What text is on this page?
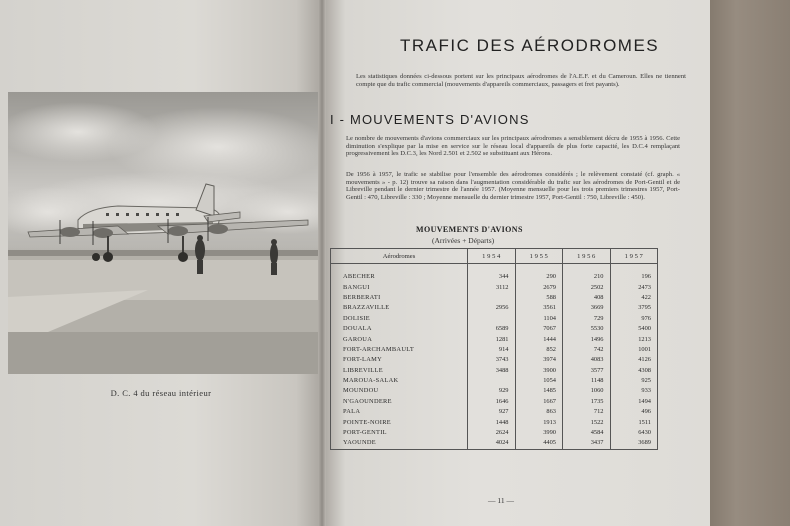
D. C. 4 du réseau intérieur
TRAFIC DES AÉRODROMES
Les statistiques données ci-dessous portent sur les principaux aérodromes de l'A.E.F. et du Cameroun. Elles ne tiennent compte que du trafic commercial (mouvements d'appareils commerciaux, passagers et fret payants).
I - MOUVEMENTS D'AVIONS
Le nombre de mouvements d'avions commerciaux sur les principaux aérodromes a sensiblement décru de 1955 à 1956. Cette diminution s'explique par la mise en service sur le réseau local d'appareils de plus forte capacité, les D.C.4 remplaçant progressivement les D.C.3, les Nord 2.501 et 2.502 se substituant aux Hérons.
De 1956 à 1957, le trafic se stabilise pour l'ensemble des aérodromes considérés ; le relèvement constaté (cf. graph. « mouvements » - p. 12) trouve sa raison dans l'augmentation considérable du trafic sur les aérodromes de Port-Gentil et de Libreville pendant le dernier trimestre de l'année 1957. (Moyenne mensuelle pour les trois premiers trimestres 1957, Port-Gentil : 470, Libreville : 330 ; Moyenne mensuelle du dernier trimestre 1957, Port-Gentil : 750, Libreville : 450).
MOUVEMENTS D'AVIONS
(Arrivées + Départs)
Aérodromes	1 9 5 4	1 9 5 5	1 9 5 6	1 9 5 7

ABECHER	344	290	210	196
BANGUI	3112	2679	2502	2473
BERBERATI		588	408	422
BRAZZAVILLE	2956	3561	3669	3795
DOLISIE		1104	729	976
DOUALA	6589	7067	5530	5400
GAROUA	1281	1444	1496	1213
FORT-ARCHAMBAULT	914	852	742	1001
FORT-LAMY	3743	3974	4083	4126
LIBREVILLE	3488	3900	3577	4308
MAROUA-SALAK		1054	1148	925
MOUNDOU	929	1485	1060	933
N'GAOUNDERE	1646	1667	1735	1494
PALA	927	863	712	496
POINTE-NOIRE	1448	1913	1522	1511
PORT-GENTIL	2624	3990	4584	6430
YAOUNDE	4024	4405	3437	3689
— 11 —
